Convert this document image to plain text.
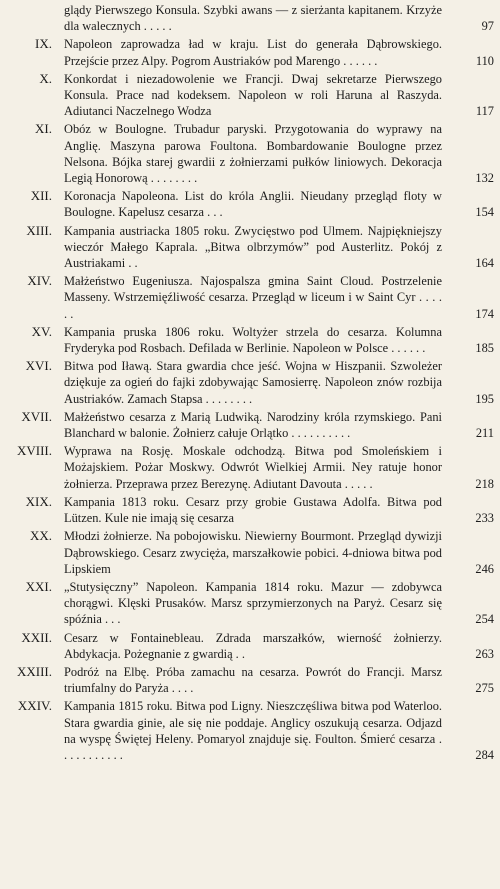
glądy Pierwszego Konsula. Szybki awans — z sierżanta kapitanem. Krzyże dla walecznych . . . . .	97
IX. Napoleon zaprowadza ład w kraju. List do generała Dąbrowskiego. Przejście przez Alpy. Pogrom Austriaków pod Marengo . . . . . .	110
X. Konkordat i niezadowolenie we Francji. Dwaj sekretarze Pierwszego Konsula. Prace nad kodeksem. Napoleon w roli Haruna al Raszyda. Adiutanci Naczelnego Wodza	117
XI. Obóz w Boulogne. Trubadur paryski. Przygotowania do wyprawy na Anglię. Maszyna parowa Foultona. Bombardowanie Boulogne przez Nelsona. Bójka starej gwardii z żołnierzami pułków liniowych. Dekoracja Legią Honorową . . . . . . . .	132
XII. Koronacja Napoleona. List do króla Anglii. Nieudany przegląd floty w Boulogne. Kapelusz cesarza . . .	154
XIII. Kampania austriacka 1805 roku. Zwycięstwo pod Ulmem. Najpiękniejszy wieczór Małego Kaprala. „Bitwa olbrzymów” pod Austerlitz. Pokój z Austriakami . .	164
XIV. Małżeństwo Eugeniusza. Najospalsza gmina Saint Cloud. Postrzelenie Masseny. Wstrzemięźliwość cesarza. Przegląd w liceum i w Saint Cyr . . . . . .	174
XV. Kampania pruska 1806 roku. Woltyżer strzela do cesarza. Kolumna Fryderyka pod Rosbach. Defilada w Berlinie. Napoleon w Polsce . . . . . .	185
XVI. Bitwa pod Iławą. Stara gwardia chce jeść. Wojna w Hiszpanii. Szwoleżer dziękuje za ogień do fajki zdobywając Samosierrę. Napoleon znów rozbija Austriaków. Zamach Stapsa . . . . . . . .	195
XVII. Małżeństwo cesarza z Marią Ludwiką. Narodziny króla rzymskiego. Pani Blanchard w balonie. Żołnierz całuje Orlątko . . . . . . . . . .	211
XVIII. Wyprawa na Rosję. Moskale odchodzą. Bitwa pod Smoleńskiem i Możajskiem. Pożar Moskwy. Odwrót Wielkiej Armii. Ney ratuje honor żołnierza. Przeprawa przez Berezynę. Adiutant Davouta . . . . .	218
XIX. Kampania 1813 roku. Cesarz przy grobie Gustawa Adolfa. Bitwa pod Lützen. Kule nie imają się cesarza	233
XX. Młodzi żołnierze. Na pobojowisku. Niewierny Bourmont. Przegląd dywizji Dąbrowskiego. Cesarz zwycięża, marszałkowie pobici. 4-dniowa bitwa pod Lipskiem	246
XXI. „Stutysięczny” Napoleon. Kampania 1814 roku. Mazur — zdobywca chorągwi. Klęski Prusaków. Marsz sprzymierzonych na Paryż. Cesarz się spóźnia . . .	254
XXII. Cesarz w Fontainebleau. Zdrada marszałków, wierność żołnierzy. Abdykacja. Pożegnanie z gwardią . .	263
XXIII. Podróż na Elbę. Próba zamachu na cesarza. Powrót do Francji. Marsz triumfalny do Paryża . . . .	275
XXIV. Kampania 1815 roku. Bitwa pod Ligny. Nieszczęśliwa bitwa pod Waterloo. Stara gwardia ginie, ale się nie poddaje. Anglicy oszukują cesarza. Odjazd na wyspę Świętej Heleny. Pomaryol znajduje się. Foulton. Śmierć cesarza . . . . . . . . . . .	284
